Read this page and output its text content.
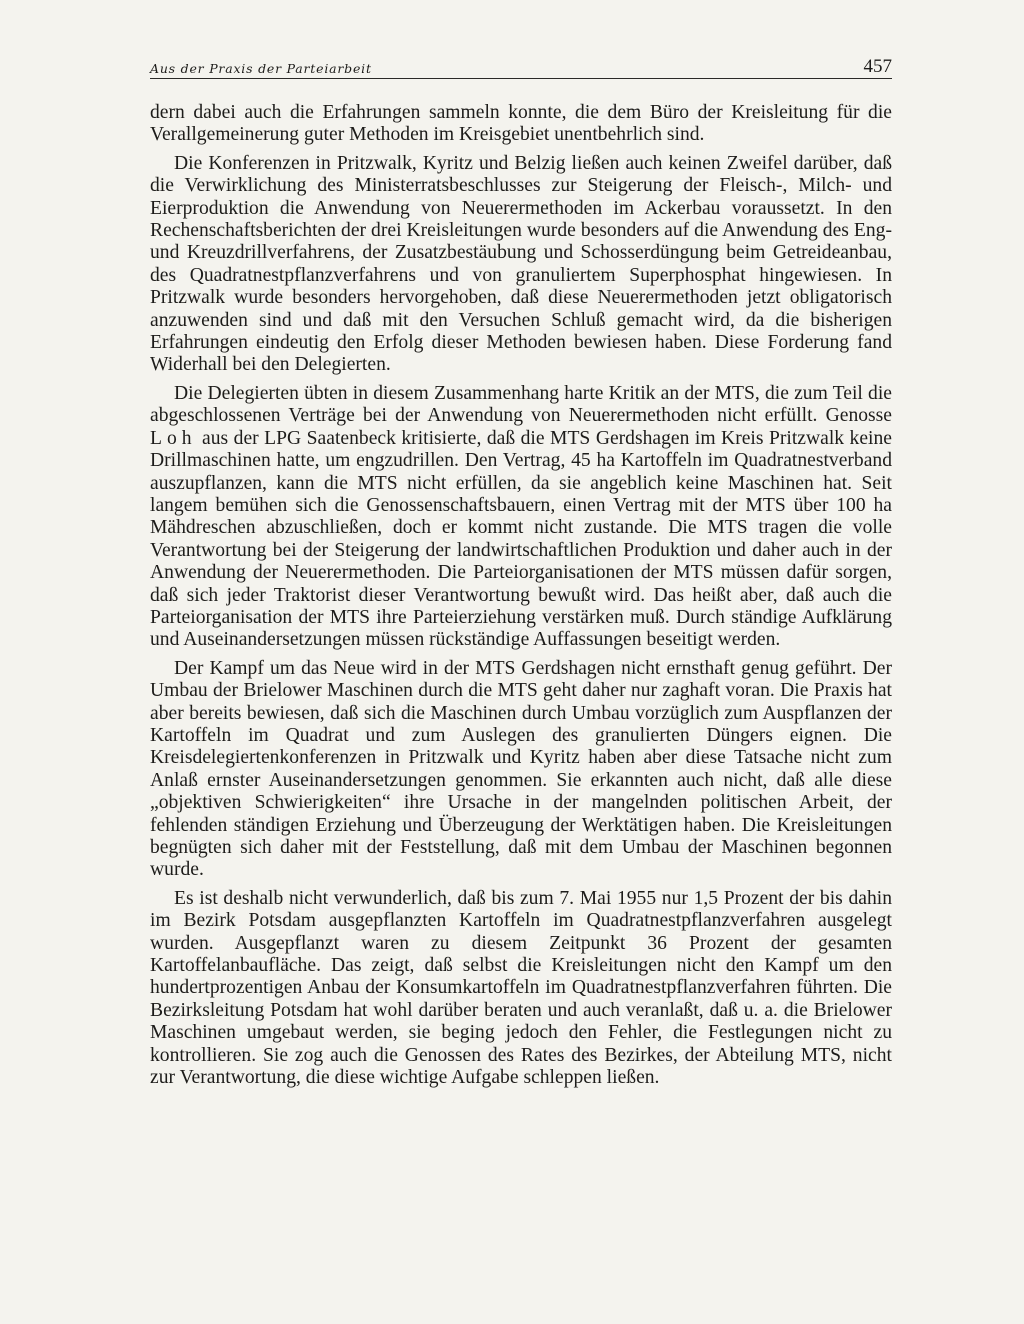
Aus der Praxis der Parteiarbeit	457

dern dabei auch die Erfahrungen sammeln konnte, die dem Büro der Kreisleitung für die Verallgemeinerung guter Methoden im Kreisgebiet unentbehrlich sind.

Die Konferenzen in Pritzwalk, Kyritz und Belzig ließen auch keinen Zweifel darüber, daß die Verwirklichung des Ministerratsbeschlusses zur Steigerung der Fleisch-, Milch- und Eierproduktion die Anwendung von Neuerermethoden im Ackerbau voraussetzt. In den Rechenschaftsberichten der drei Kreisleitungen wurde besonders auf die Anwendung des Eng- und Kreuzdrillverfahrens, der Zusatzbestäubung und Schosserdüngung beim Getreideanbau, des Quadratnestpflanzverfahrens und von granuliertem Superphosphat hingewiesen. In Pritzwalk wurde besonders hervorgehoben, daß diese Neuerermethoden jetzt obligatorisch anzuwenden sind und daß mit den Versuchen Schluß gemacht wird, da die bisherigen Erfahrungen eindeutig den Erfolg dieser Methoden bewiesen haben. Diese Forderung fand Widerhall bei den Delegierten.

Die Delegierten übten in diesem Zusammenhang harte Kritik an der MTS, die zum Teil die abgeschlossenen Verträge bei der Anwendung von Neuerermethoden nicht erfüllt. Genosse Loh aus der LPG Saatenbeck kritisierte, daß die MTS Gerdshagen im Kreis Pritzwalk keine Drillmaschinen hatte, um engzudrillen. Den Vertrag, 45 ha Kartoffeln im Quadratnestverband auszupflanzen, kann die MTS nicht erfüllen, da sie angeblich keine Maschinen hat. Seit langem bemühen sich die Genossenschaftsbauern, einen Vertrag mit der MTS über 100 ha Mähdreschen abzuschließen, doch er kommt nicht zustande. Die MTS tragen die volle Verantwortung bei der Steigerung der landwirtschaftlichen Produktion und daher auch in der Anwendung der Neuerermethoden. Die Parteiorganisationen der MTS müssen dafür sorgen, daß sich jeder Traktorist dieser Verantwortung bewußt wird. Das heißt aber, daß auch die Parteiorganisation der MTS ihre Parteierziehung verstärken muß. Durch ständige Aufklärung und Auseinandersetzungen müssen rückständige Auffassungen beseitigt werden.

Der Kampf um das Neue wird in der MTS Gerdshagen nicht ernsthaft genug geführt. Der Umbau der Brielower Maschinen durch die MTS geht daher nur zaghaft voran. Die Praxis hat aber bereits bewiesen, daß sich die Maschinen durch Umbau vorzüglich zum Auspflanzen der Kartoffeln im Quadrat und zum Auslegen des granulierten Düngers eignen. Die Kreisdelegiertenkonferenzen in Pritzwalk und Kyritz haben aber diese Tatsache nicht zum Anlaß ernster Auseinandersetzungen genommen. Sie erkannten auch nicht, daß alle diese „objektiven Schwierigkeiten“ ihre Ursache in der mangelnden politischen Arbeit, der fehlenden ständigen Erziehung und Überzeugung der Werktätigen haben. Die Kreisleitungen begnügten sich daher mit der Feststellung, daß mit dem Umbau der Maschinen begonnen wurde.

Es ist deshalb nicht verwunderlich, daß bis zum 7. Mai 1955 nur 1,5 Prozent der bis dahin im Bezirk Potsdam ausgepflanzten Kartoffeln im Quadratnestpflanzverfahren ausgelegt wurden. Ausgepflanzt waren zu diesem Zeitpunkt 36 Prozent der gesamten Kartoffelanbaufläche. Das zeigt, daß selbst die Kreisleitungen nicht den Kampf um den hundertprozentigen Anbau der Konsumkartoffeln im Quadratnestpflanzverfahren führten. Die Bezirksleitung Potsdam hat wohl darüber beraten und auch veranlaßt, daß u. a. die Brielower Maschinen umgebaut werden, sie beging jedoch den Fehler, die Festlegungen nicht zu kontrollieren. Sie zog auch die Genossen des Rates des Bezirkes, der Abteilung MTS, nicht zur Verantwortung, die diese wichtige Aufgabe schleppen ließen.
